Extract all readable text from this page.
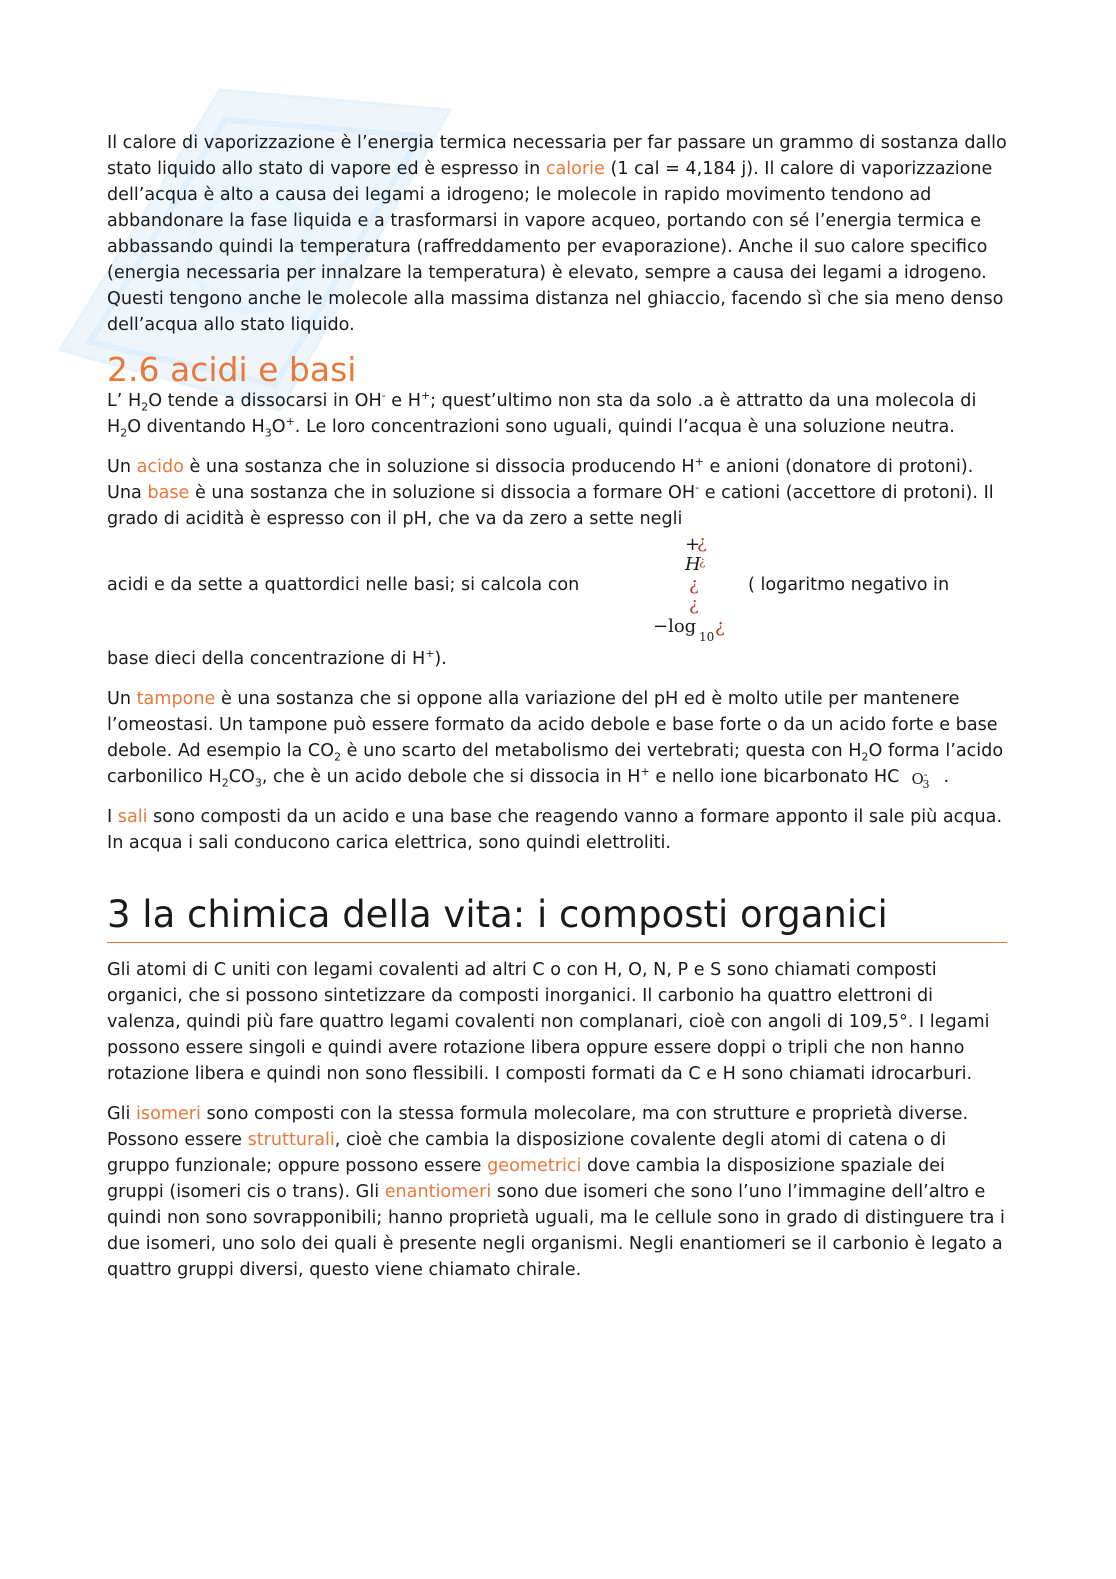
Il calore di vaporizzazione è l’energia termica necessaria per far passare un grammo di sostanza dallo stato liquido allo stato di vapore ed è espresso in calorie (1 cal = 4,184 j). Il calore di vaporizzazione dell’acqua è alto a causa dei legami a idrogeno; le molecole in rapido movimento tendono ad abbandonare la fase liquida e a trasformarsi in vapore acqueo, portando con sé l’energia termica e abbassando quindi la temperatura (raffreddamento per evaporazione). Anche il suo calore specifico (energia necessaria per innalzare la temperatura) è elevato, sempre a causa dei legami a idrogeno. Questi tengono anche le molecole alla massima distanza nel ghiaccio, facendo sì che sia meno denso dell’acqua allo stato liquido.

2.6 acidi e basi

L’ $H_2O$ tende a dissocarsi in OH- e H+; quest’ultimo non sta da solo .a è attratto da una molecola di $H_2O$ diventando $H_3O^+$. Le loro concentrazioni sono uguali, quindi l’acqua è una soluzione neutra.

Un acido è una sostanza che in soluzione si dissocia producendo H+ e anioni (donatore di protoni). Una base è una sostanza che in soluzione si dissocia a formare OH- e cationi (accettore di protoni). Il grado di acidità è espresso con il pH, che va da zero a sette negli

acidi e da sette a quattordici nelle basi; si calcola con
+
¿
H
¿
¿
¿
−log 10 ¿
( logaritmo negativo in

base dieci della concentrazione di H+).

Un tampone è una sostanza che si oppone alla variazione del pH ed è molto utile per mantenere l’omeostasi. Un tampone può essere formato da acido debole e base forte o da un acido forte e base debole. Ad esempio la $CO_2$ è uno scarto del metabolismo dei vertebrati; questa con $H_2O$ forma l’acido carbonilico $H_2CO_3$, che è un acido debole che si dissocia in H+ e nello ione bicarbonato HC $O^-_3$ .

I sali sono composti da un acido e una base che reagendo vanno a formare apponto il sale più acqua. In acqua i sali conducono carica elettrica, sono quindi elettroliti.

3 la chimica della vita: i composti organici

Gli atomi di C uniti con legami covalenti ad altri C o con H, O, N, P e S sono chiamati composti organici, che si possono sintetizzare da composti inorganici. Il carbonio ha quattro elettroni di valenza, quindi più fare quattro legami covalenti non complanari, cioè con angoli di 109,5°. I legami possono essere singoli e quindi avere rotazione libera oppure essere doppi o tripli che non hanno rotazione libera e quindi non sono flessibili. I composti formati da C e H sono chiamati idrocarburi.

Gli isomeri sono composti con la stessa formula molecolare, ma con strutture e proprietà diverse. Possono essere strutturali, cioè che cambia la disposizione covalente degli atomi di catena o di gruppo funzionale; oppure possono essere geometrici dove cambia la disposizione spaziale dei gruppi (isomeri cis o trans). Gli enantiomeri sono due isomeri che sono l’uno l’immagine dell’altro e quindi non sono sovrapponibili; hanno proprietà uguali, ma le cellule sono in grado di distinguere tra i due isomeri, uno solo dei quali è presente negli organismi. Negli enantiomeri se il carbonio è legato a quattro gruppi diversi, questo viene chiamato chirale.
